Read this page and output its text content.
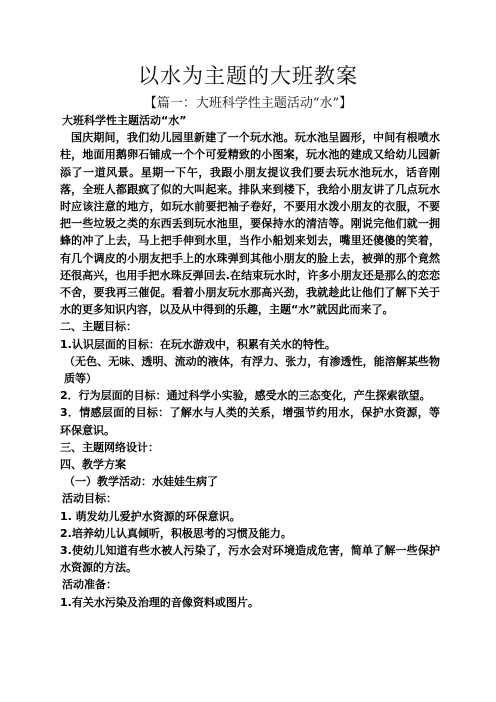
以水为主题的大班教案
【篇一：大班科学性主题活动“水”】

大班科学性主题活动“水”

国庆期间，我们幼儿园里新建了一个玩水池。玩水池呈圆形，中间有根喷水柱，地面用鹅卵石铺成一个个可爱精致的小图案，玩水池的建成又给幼儿园新添了一道风景。星期一下午，我跟小朋友提议我们要去玩水池玩水，话音刚落，全班人都跟疯了似的大叫起来。排队来到楼下，我给小朋友讲了几点玩水时应该注意的地方，如玩水前要把袖子卷好，不要用水泼小朋友的衣服，不要把一些垃圾之类的东西丢到玩水池里，要保持水的清洁等。刚说完他们就一拥蜂的冲了上去，马上把手伸到水里，当作小船划来划去，嘴里还傻傻的笑着，有几个调皮的小朋友把手上的水珠弹到其他小朋友的脸上去，被弹的那个竟然还很高兴，也用手把水珠反弹回去.在结束玩水时，许多小朋友还是那么的恋恋不舍，要我再三催促。看着小朋友玩水那高兴劲，我就趁此让他们了解下关于水的更多知识内容，以及从中得到的乐趣，主题“水”就因此而来了。

二、主题目标：

1.认识层面的目标：在玩水游戏中，积累有关水的特性。

（无色、无味、透明、流动的液体，有浮力、张力，有渗透性，能溶解某些物质等）

2．行为层面的目标：通过科学小实验，感受水的三态变化，产生探索欲望。

3．情感层面的目标：了解水与人类的关系，增强节约用水，保护水资源，等环保意识。

三、主题网络设计：

四、教学方案

（一）教学活动：水娃娃生病了

活动目标：

1. 萌发幼儿爱护水资源的环保意识。

2.培养幼儿认真倾听，积极思考的习惯及能力。

3.使幼儿知道有些水被人污染了，污水会对环境造成危害，简单了解一些保护水资源的方法。

活动准备：

1.有关水污染及治理的音像资料或图片。
